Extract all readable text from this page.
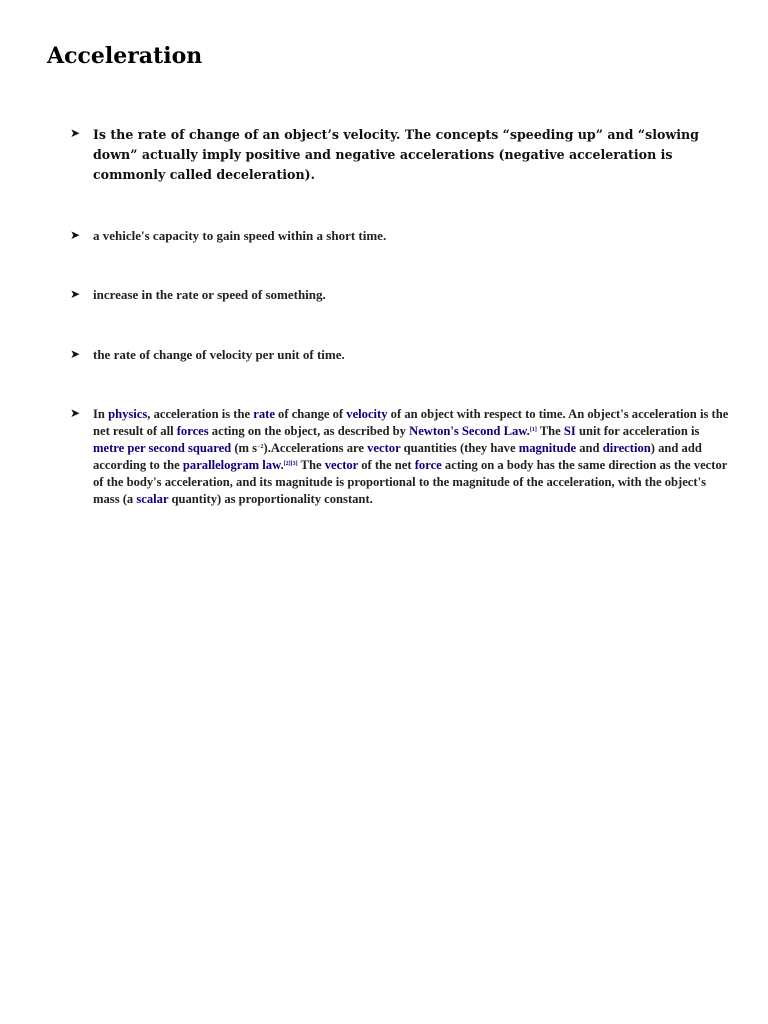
Acceleration
➤ Is the rate of change of an object’s velocity. The concepts “speeding up” and “slowing down” actually imply positive and negative accelerations (negative acceleration is commonly called deceleration).
➤ a vehicle's capacity to gain speed within a short time.
➤ increase in the rate or speed of something.
➤ the rate of change of velocity per unit of time.
➤ In physics, acceleration is the rate of change of velocity of an object with respect to time. An object's acceleration is the net result of all forces acting on the object, as described by Newton's Second Law.[1] The SI unit for acceleration is metre per second squared (m $s^{-2}).Accelerations$ are vector quantities (they have magnitude and direction) and add according to the parallelogram law.[2][3] The vector of the net force acting on a body has the same direction as the vector of the body's acceleration, and its magnitude is proportional to the magnitude of the acceleration, with the object's mass (a scalar quantity) as proportionality constant.
